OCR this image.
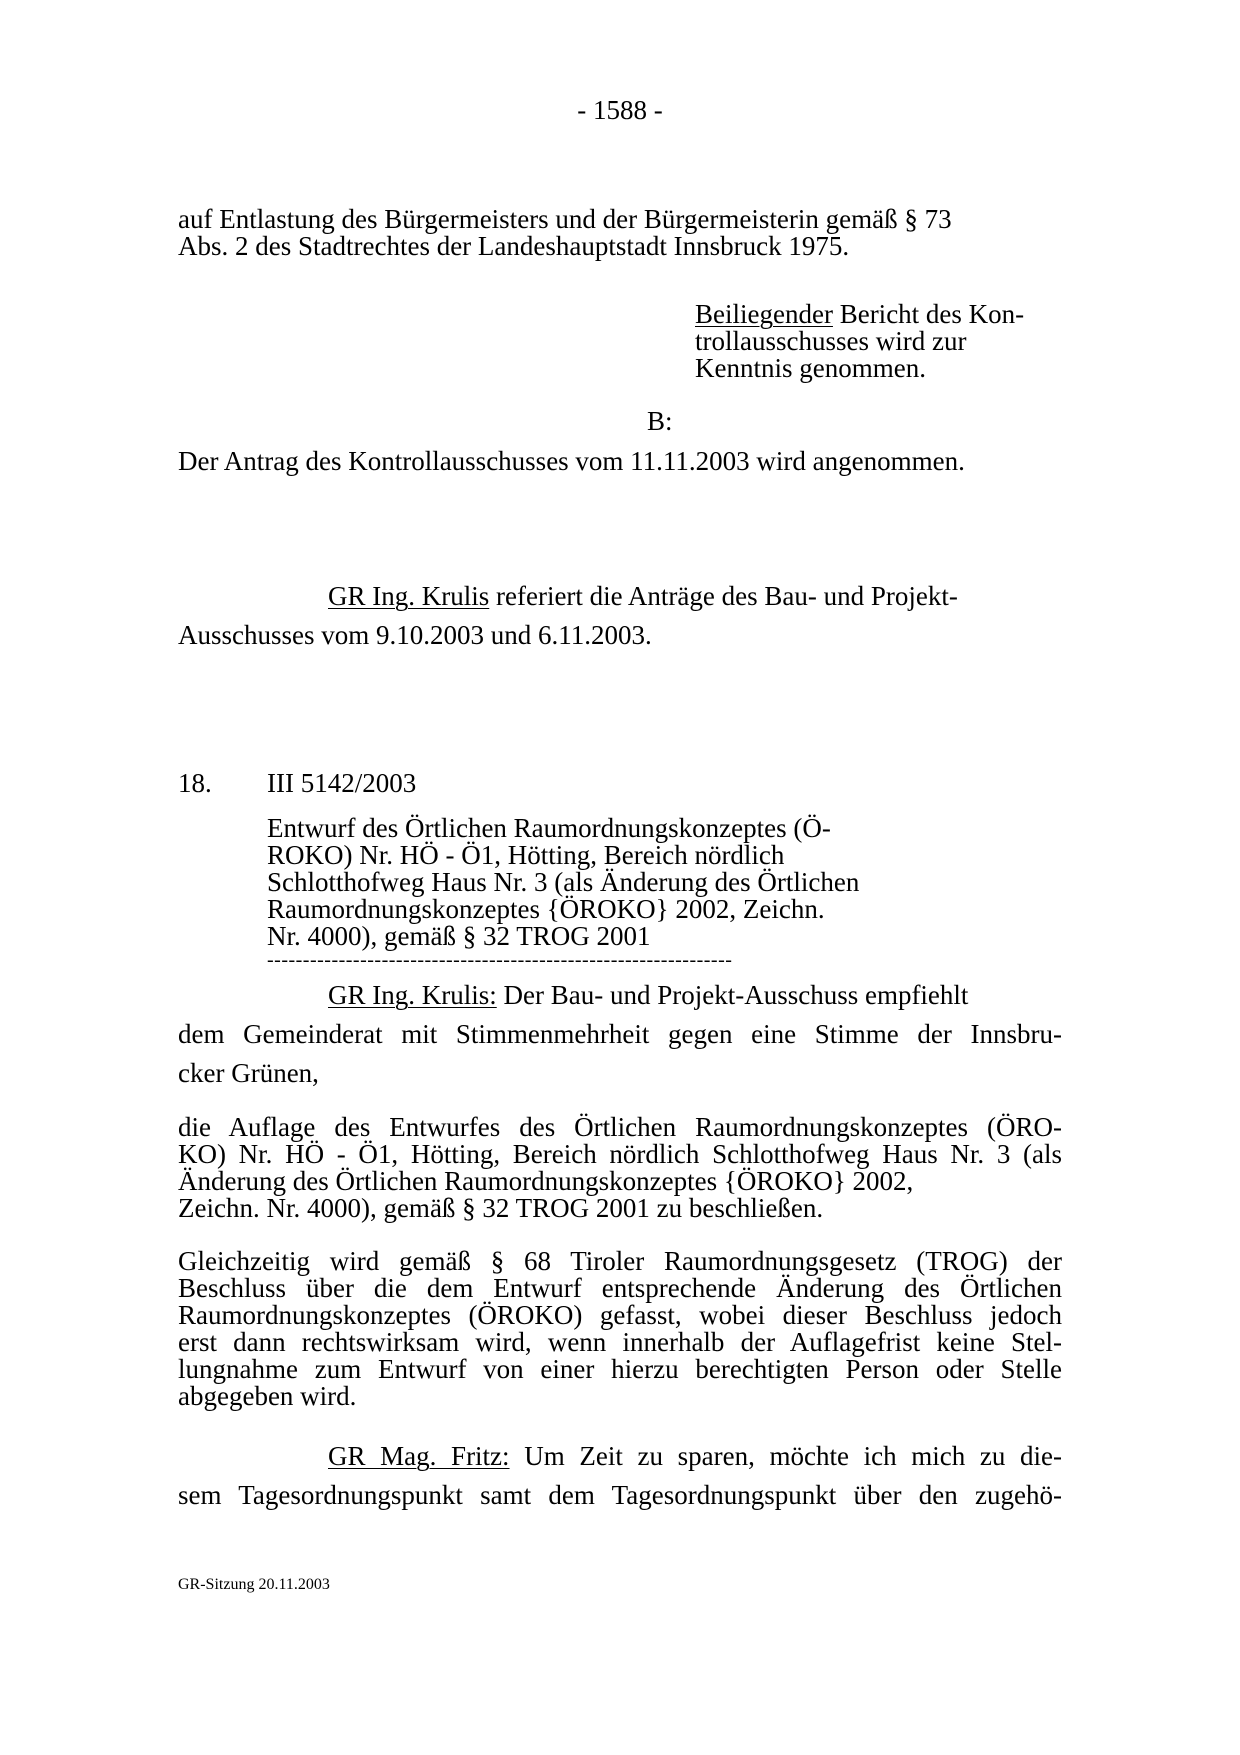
- 1588 -

auf Entlastung des Bürgermeisters und der Bürgermeisterin gemäß § 73

Abs. 2 des Stadtrechtes der Landeshauptstadt Innsbruck 1975.

Beiliegender Bericht des Kon-

trollausschusses wird zur

Kenntnis genommen.

B:

Der Antrag des Kontrollausschusses vom 11.11.2003 wird angenommen.

GR Ing. Krulis referiert die Anträge des Bau- und Projekt-

Ausschusses vom 9.10.2003 und 6.11.2003.

18. III 5142/2003

Entwurf des Örtlichen Raumordnungskonzeptes (Ö-

ROKO) Nr. HÖ - Ö1, Hötting, Bereich nördlich

Schlotthofweg Haus Nr. 3 (als Änderung des Örtlichen

Raumordnungskonzeptes {ÖROKO} 2002, Zeichn.

Nr. 4000), gemäß § 32 TROG 2001

-----------------------------------------------------------------

GR Ing. Krulis: Der Bau- und Projekt-Ausschuss empfiehlt

dem Gemeinderat mit Stimmenmehrheit gegen eine Stimme der Innsbru-

cker Grünen,

die Auflage des Entwurfes des Örtlichen Raumordnungskonzeptes (ÖRO-

KO) Nr. HÖ - Ö1, Hötting, Bereich nördlich Schlotthofweg Haus Nr. 3 (als

Änderung des Örtlichen Raumordnungskonzeptes {ÖROKO} 2002,

Zeichn. Nr. 4000), gemäß § 32 TROG 2001 zu beschließen.

Gleichzeitig wird gemäß § 68 Tiroler Raumordnungsgesetz (TROG) der

Beschluss über die dem Entwurf entsprechende Änderung des Örtlichen

Raumordnungskonzeptes (ÖROKO) gefasst, wobei dieser Beschluss jedoch

erst dann rechtswirksam wird, wenn innerhalb der Auflagefrist keine Stel-

lungnahme zum Entwurf von einer hierzu berechtigten Person oder Stelle

abgegeben wird.

GR Mag. Fritz: Um Zeit zu sparen, möchte ich mich zu die-

sem Tagesordnungspunkt samt dem Tagesordnungspunkt über den zugehö-

GR-Sitzung 20.11.2003
